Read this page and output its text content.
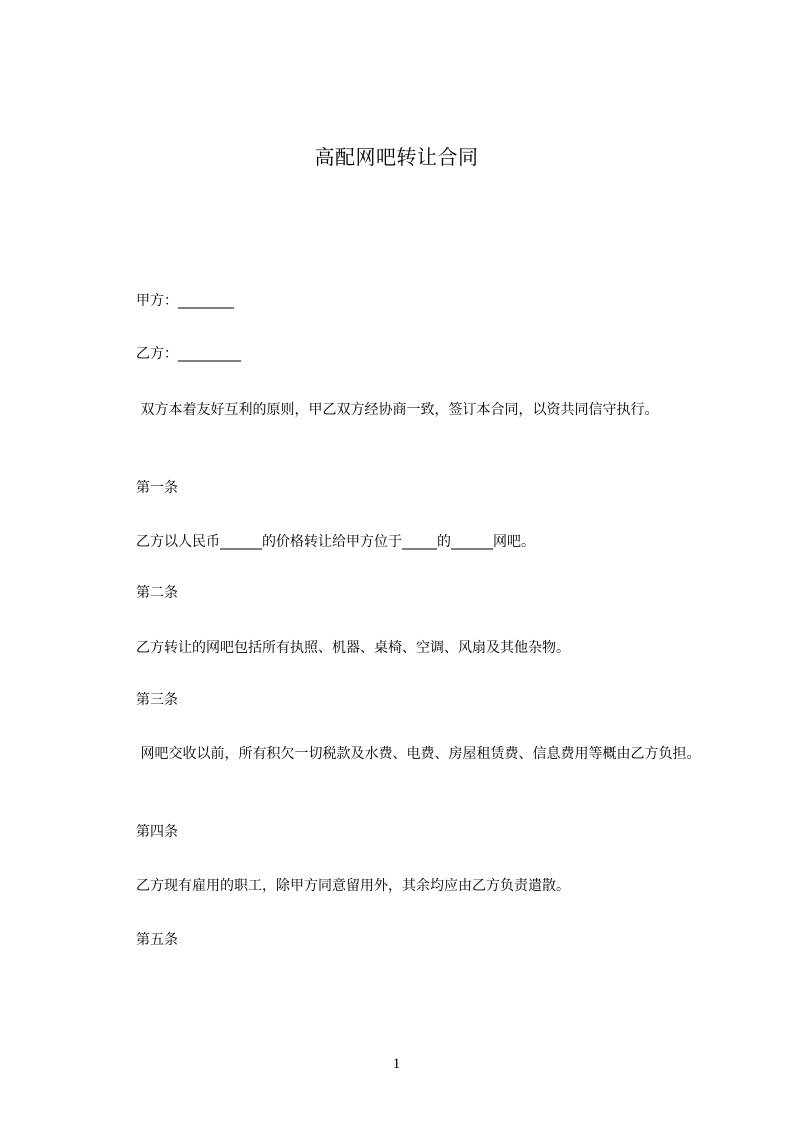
高配网吧转让合同
甲方：________
乙方：_________
双方本着友好互利的原则，甲乙双方经协商一致，签订本合同，以资共同信守执行。
第一条
乙方以人民币______的价格转让给甲方位于_____的______网吧。
第二条
乙方转让的网吧包括所有执照、机器、桌椅、空调、风扇及其他杂物。
第三条
网吧交收以前，所有积欠一切税款及水费、电费、房屋租赁费、信息费用等概由乙方负担。
第四条
乙方现有雇用的职工，除甲方同意留用外，其余均应由乙方负责遣散。
第五条
1
